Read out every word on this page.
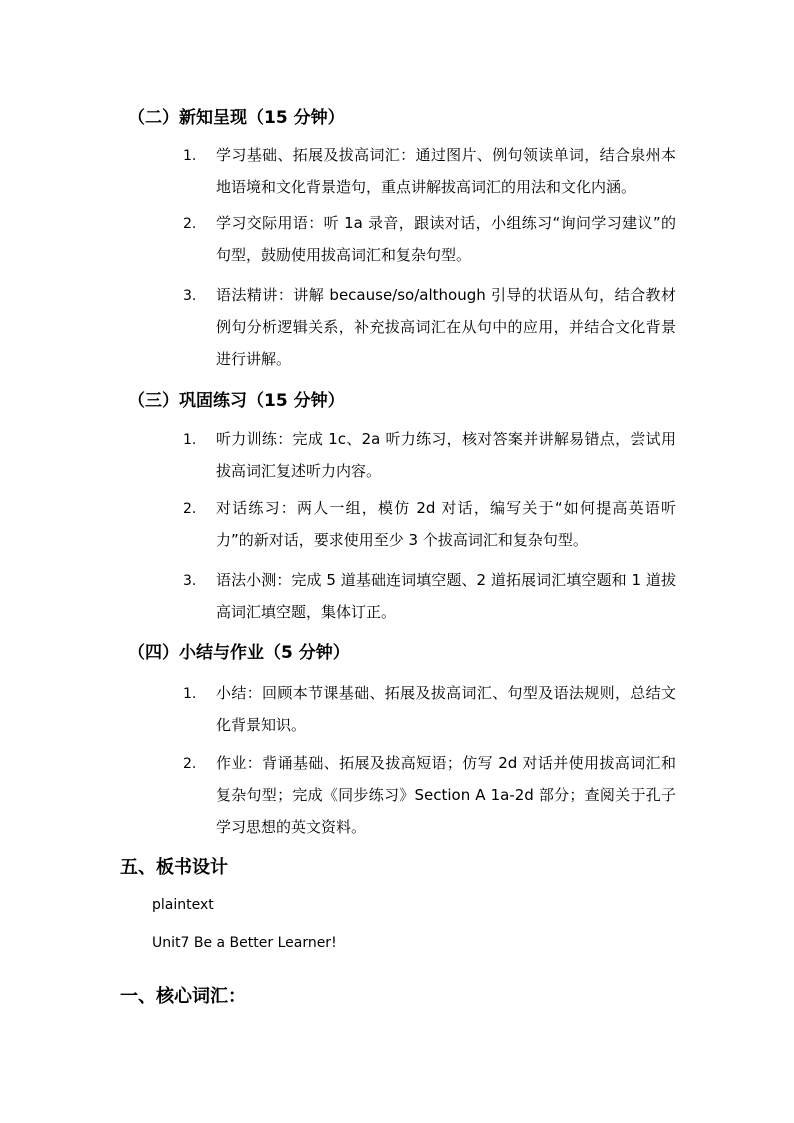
（二）新知呈现（15 分钟）
1. 学习基础、拓展及拔高词汇：通过图片、例句领读单词，结合泉州本地语境和文化背景造句，重点讲解拔高词汇的用法和文化内涵。
2. 学习交际用语：听 1a 录音，跟读对话，小组练习“询问学习建议”的句型，鼓励使用拔高词汇和复杂句型。
3. 语法精讲：讲解 because/so/although 引导的状语从句，结合教材例句分析逻辑关系，补充拔高词汇在从句中的应用，并结合文化背景进行讲解。
（三）巩固练习（15 分钟）
1. 听力训练：完成 1c、2a 听力练习，核对答案并讲解易错点，尝试用拔高词汇复述听力内容。
2. 对话练习：两人一组，模仿 2d 对话，编写关于“如何提高英语听力”的新对话，要求使用至少 3 个拔高词汇和复杂句型。
3. 语法小测：完成 5 道基础连词填空题、2 道拓展词汇填空题和 1 道拔高词汇填空题，集体订正。
（四）小结与作业（5 分钟）
1. 小结：回顾本节课基础、拓展及拔高词汇、句型及语法规则，总结文化背景知识。
2. 作业：背诵基础、拓展及拔高短语；仿写 2d 对话并使用拔高词汇和复杂句型；完成《同步练习》Section A 1a-2d 部分；查阅关于孔子学习思想的英文资料。
五、板书设计
plaintext
Unit7 Be a Better Learner!
一、核心词汇：
